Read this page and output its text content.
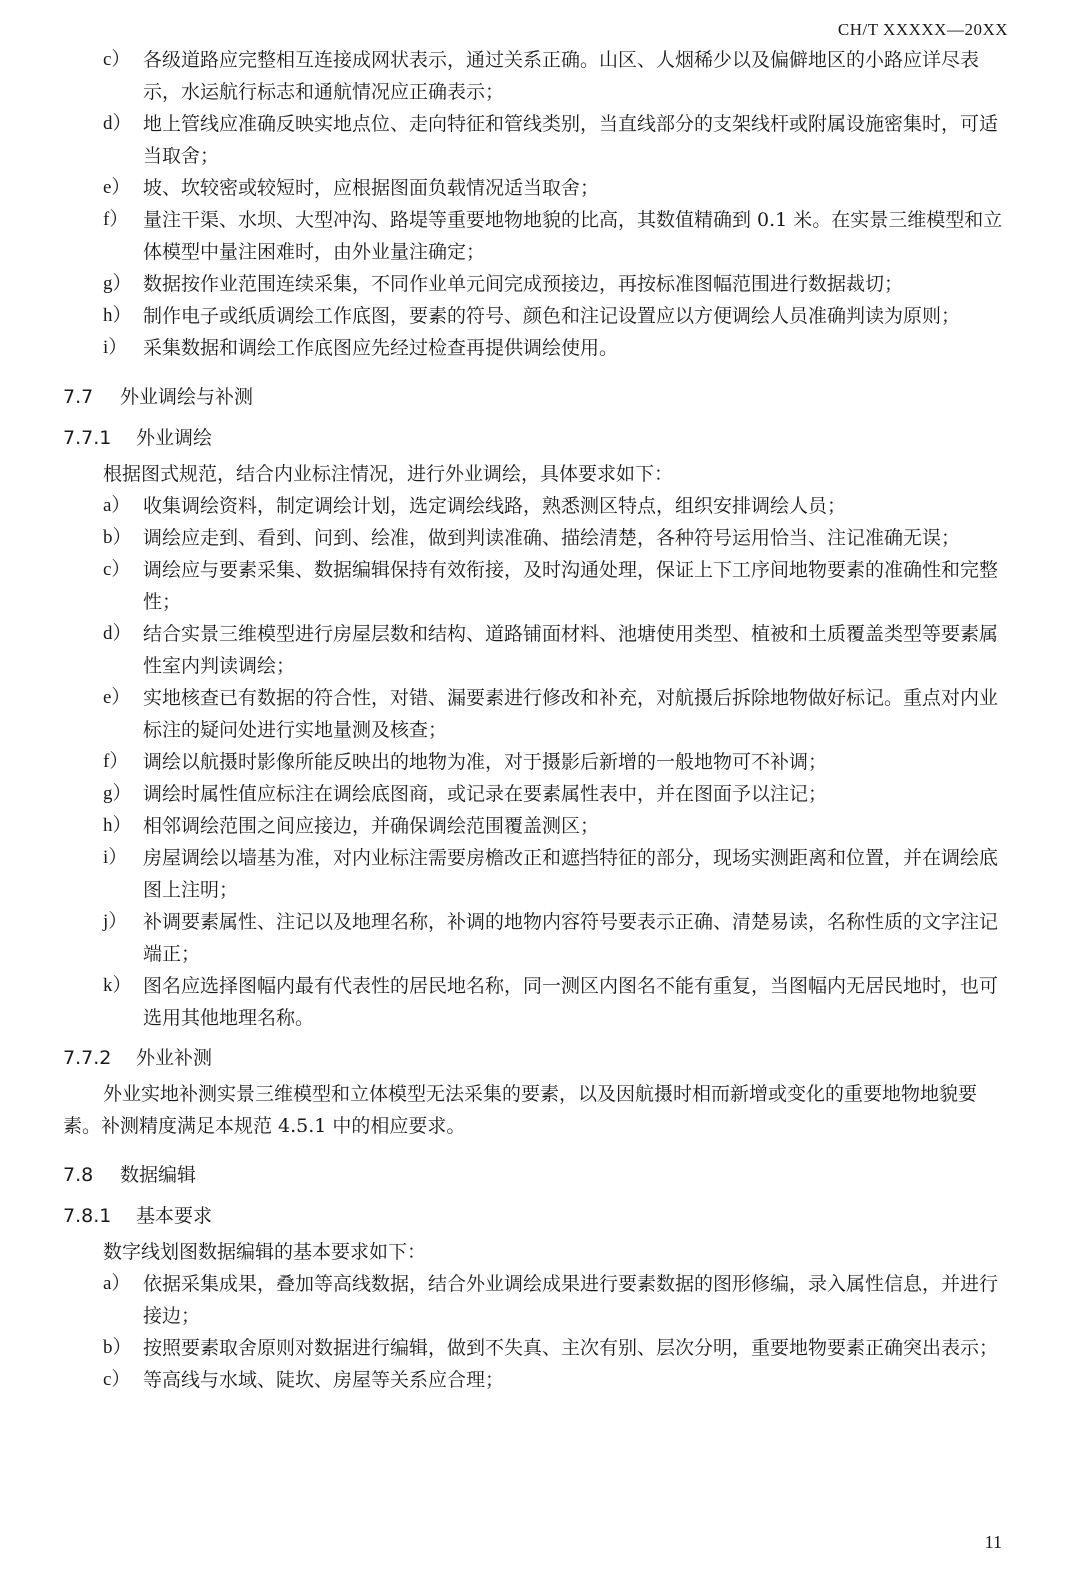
CH/T XXXXX—20XX
c） 各级道路应完整相互连接成网状表示，通过关系正确。山区、人烟稀少以及偏僻地区的小路应详尽表示，水运航行标志和通航情况应正确表示；
d） 地上管线应准确反映实地点位、走向特征和管线类别，当直线部分的支架线杆或附属设施密集时，可适当取舍；
e） 坡、坎较密或较短时，应根据图面负载情况适当取舍；
f） 量注干渠、水坝、大型冲沟、路堤等重要地物地貌的比高，其数值精确到 0.1 米。在实景三维模型和立体模型中量注困难时，由外业量注确定；
g） 数据按作业范围连续采集，不同作业单元间完成预接边，再按标准图幅范围进行数据裁切；
h） 制作电子或纸质调绘工作底图，要素的符号、颜色和注记设置应以方便调绘人员准确判读为原则；
i） 采集数据和调绘工作底图应先经过检查再提供调绘使用。
7.7	外业调绘与补测
7.7.1	外业调绘
根据图式规范，结合内业标注情况，进行外业调绘，具体要求如下：
a） 收集调绘资料，制定调绘计划，选定调绘线路，熟悉测区特点，组织安排调绘人员；
b） 调绘应走到、看到、问到、绘准，做到判读准确、描绘清楚，各种符号运用恰当、注记准确无误；
c） 调绘应与要素采集、数据编辑保持有效衔接，及时沟通处理，保证上下工序间地物要素的准确性和完整性；
d） 结合实景三维模型进行房屋层数和结构、道路铺面材料、池塘使用类型、植被和土质覆盖类型等要素属性室内判读调绘；
e） 实地核查已有数据的符合性，对错、漏要素进行修改和补充，对航摄后拆除地物做好标记。重点对内业标注的疑问处进行实地量测及核查；
f） 调绘以航摄时影像所能反映出的地物为准，对于摄影后新增的一般地物可不补调；
g） 调绘时属性值应标注在调绘底图商，或记录在要素属性表中，并在图面予以注记；
h） 相邻调绘范围之间应接边，并确保调绘范围覆盖测区；
i） 房屋调绘以墙基为准，对内业标注需要房檐改正和遮挡特征的部分，现场实测距离和位置，并在调绘底图上注明；
j） 补调要素属性、注记以及地理名称，补调的地物内容符号要表示正确、清楚易读，名称性质的文字注记端正；
k） 图名应选择图幅内最有代表性的居民地名称，同一测区内图名不能有重复，当图幅内无居民地时，也可选用其他地理名称。
7.7.2	外业补测
外业实地补测实景三维模型和立体模型无法采集的要素，以及因航摄时相而新增或变化的重要地物地貌要素。补测精度满足本规范 4.5.1 中的相应要求。
7.8	数据编辑
7.8.1	基本要求
数字线划图数据编辑的基本要求如下：
a） 依据采集成果，叠加等高线数据，结合外业调绘成果进行要素数据的图形修编，录入属性信息，并进行接边；
b） 按照要素取舍原则对数据进行编辑，做到不失真、主次有别、层次分明，重要地物要素正确突出表示；
c） 等高线与水域、陡坎、房屋等关系应合理；
11
